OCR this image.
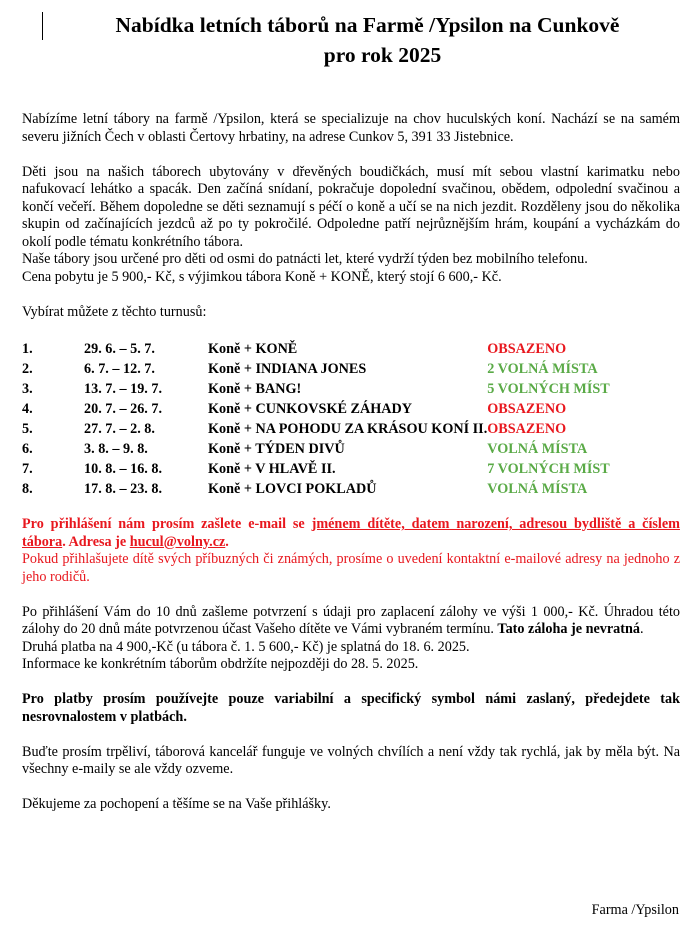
Nabídka letních táborů na Farmě /Ypsilon na Cunkově
pro rok 2025

Nabízíme letní tábory na farmě /Ypsilon, která se specializuje na chov huculských koní. Nachází se na samém severu jižních Čech v oblasti Čertovy hrbatiny, na adrese Cunkov 5, 391 33 Jistebnice.

Děti jsou na našich táborech ubytovány v dřevěných boudičkách, musí mít sebou vlastní karimatku nebo nafukovací lehátko a spacák. Den začíná snídaní, pokračuje dopolední svačinou, obědem, odpolední svačinou a končí večeří. Během dopoledne se děti seznamují s péčí o koně a učí se na nich jezdit. Rozděleny jsou do několika skupin od začínajících jezdců až po ty pokročilé. Odpoledne patří nejrůznějším hrám, koupání a vycházkám do okolí podle tématu konkrétního tábora.

Naše tábory jsou určené pro děti od osmi do patnácti let, které vydrží týden bez mobilního telefonu.

Cena pobytu je 5 900,- Kč, s výjimkou tábora Koně + KONĚ, který stojí 6 600,- Kč.

Vybírat můžete z těchto turnusů:

1.	29. 6. – 5. 7.	Koně + KONĚ	OBSAZENO
2.	6. 7. – 12. 7.	Koně + INDIANA JONES	2 VOLNÁ MÍSTA
3.	13. 7. – 19. 7.	Koně + BANG!	5 VOLNÝCH MÍST
4.	20. 7. – 26. 7.	Koně + CUNKOVSKÉ ZÁHADY	OBSAZENO
5.	27. 7. – 2. 8.	Koně + NA POHODU ZA KRÁSOU KONÍ II.	OBSAZENO
6.	3. 8. – 9. 8.	Koně + TÝDEN DIVŮ	VOLNÁ MÍSTA
7.	10. 8. – 16. 8.	Koně + V HLAVĚ II.	7 VOLNÝCH MÍST
8.	17. 8. – 23. 8.	Koně + LOVCI POKLADŮ	VOLNÁ MÍSTA

Pro přihlášení nám prosím zašlete e-mail se jménem dítěte, datem narození, adresou bydliště a číslem tábora. Adresa je hucul@volny.cz.

Pokud přihlašujete dítě svých příbuzných či známých, prosíme o uvedení kontaktní e-mailové adresy na jednoho z jeho rodičů.

Po přihlášení Vám do 10 dnů zašleme potvrzení s údaji pro zaplacení zálohy ve výši 1 000,- Kč. Úhradou této zálohy do 20 dnů máte potvrzenou účast Vašeho dítěte ve Vámi vybraném termínu. Tato záloha je nevratná.

Druhá platba na 4 900,-Kč (u tábora č. 1. 5 600,- Kč) je splatná do 18. 6. 2025.

Informace ke konkrétním táborům obdržíte nejpozději do 28. 5. 2025.

Pro platby prosím používejte pouze variabilní a specifický symbol námi zaslaný, předejdete tak nesrovnalostem v platbách.

Buďte prosím trpěliví, táborová kancelář funguje ve volných chvílích a není vždy tak rychlá, jak by měla být. Na všechny e-maily se ale vždy ozveme.

Děkujeme za pochopení a těšíme se na Vaše přihlášky.

Farma /Ypsilon
